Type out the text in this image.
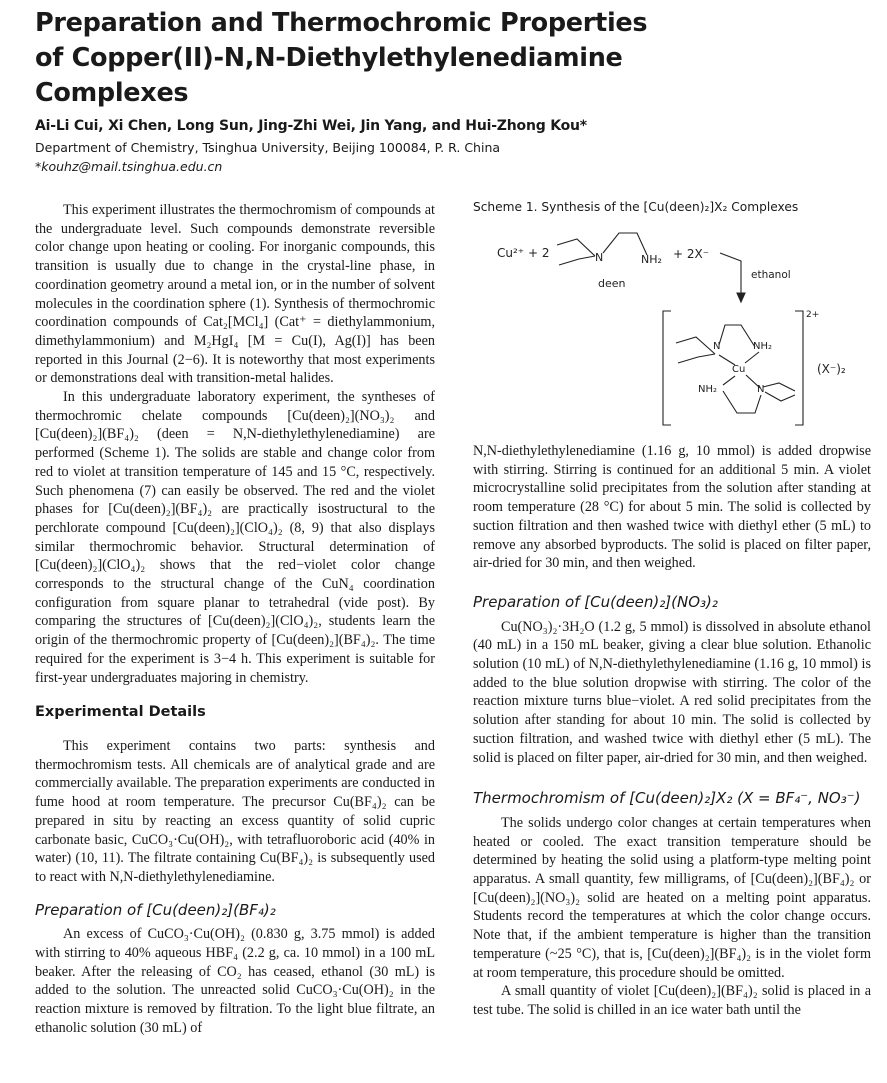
Preparation and Thermochromic Properties of Copper(II)-N,N-Diethylethylenediamine Complexes

Ai-Li Cui, Xi Chen, Long Sun, Jing-Zhi Wei, Jin Yang, and Hui-Zhong Kou*

Department of Chemistry, Tsinghua University, Beijing 100084, P. R. China

*kouhz@mail.tsinghua.edu.cn

This experiment illustrates the thermochromism of compounds at the undergraduate level. Such compounds demonstrate reversible color change upon heating or cooling. For inorganic compounds, this transition is usually due to change in the crystal-line phase, in coordination geometry around a metal ion, or in the number of solvent molecules in the coordination sphere (1). Synthesis of thermochromic coordination compounds of Cat₂[MCl₄] (Cat⁺ = diethylammonium, dimethylammonium) and M₂HgI₄ [M = Cu(I), Ag(I)] has been reported in this Journal (2−6). It is noteworthy that most experiments or demonstrations deal with transition-metal halides.

In this undergraduate laboratory experiment, the syntheses of thermochromic chelate compounds [Cu(deen)₂](NO₃)₂ and [Cu(deen)₂](BF₄)₂ (deen = N,N-diethylethylenediamine) are performed (Scheme 1). The solids are stable and change color from red to violet at transition temperature of 145 and 15 °C, respectively. Such phenomena (7) can easily be observed. The red and the violet phases for [Cu(deen)₂](BF₄)₂ are practically isostructural to the perchlorate compound [Cu(deen)₂](ClO₄)₂ (8, 9) that also displays similar thermochromic behavior. Structural determination of [Cu(deen)₂](ClO₄)₂ shows that the red−violet color change corresponds to the structural change of the CuN₄ coordination configuration from square planar to tetrahedral (vide post). By comparing the structures of [Cu(deen)₂](ClO₄)₂, students learn the origin of the thermochromic property of [Cu(deen)₂](BF₄)₂. The time required for the experiment is 3−4 h. This experiment is suitable for first-year undergraduates majoring in chemistry.

Experimental Details

This experiment contains two parts: synthesis and thermochromism tests. All chemicals are of analytical grade and are commercially available. The preparation experiments are conducted in fume hood at room temperature. The precursor Cu(BF₄)₂ can be prepared in situ by reacting an excess quantity of solid cupric carbonate basic, CuCO₃·Cu(OH)₂, with tetrafluoroboric acid (40% in water) (10, 11). The filtrate containing Cu(BF₄)₂ is subsequently used to react with N,N-diethylethylenediamine.

Preparation of [Cu(deen)₂](BF₄)₂

An excess of CuCO₃·Cu(OH)₂ (0.830 g, 3.75 mmol) is added with stirring to 40% aqueous HBF₄ (2.2 g, ca. 10 mmol) in a 100 mL beaker. After the releasing of CO₂ has ceased, ethanol (30 mL) is added to the solution. The unreacted solid CuCO₃·Cu(OH)₂ in the reaction mixture is removed by filtration. To the light blue filtrate, an ethanolic solution (30 mL) of

Scheme 1. Synthesis of the [Cu(deen)₂]X₂ Complexes

Cu²⁺ + 2	N	NH₂ + 2X⁻
deen
ethanol
2+
N	NH₂
Cu
NH₂	N
(X⁻)₂

N,N-diethylethylenediamine (1.16 g, 10 mmol) is added dropwise with stirring. Stirring is continued for an additional 5 min. A violet microcrystalline solid precipitates from the solution after standing at room temperature (28 °C) for about 5 min. The solid is collected by suction filtration and then washed twice with diethyl ether (5 mL) to remove any absorbed byproducts. The solid is placed on filter paper, air-dried for 30 min, and then weighed.

Preparation of [Cu(deen)₂](NO₃)₂

Cu(NO₃)₂·3H₂O (1.2 g, 5 mmol) is dissolved in absolute ethanol (40 mL) in a 150 mL beaker, giving a clear blue solution. Ethanolic solution (10 mL) of N,N-diethylethylenediamine (1.16 g, 10 mmol) is added to the blue solution dropwise with stirring. The color of the reaction mixture turns blue−violet. A red solid precipitates from the solution after standing for about 10 min. The solid is collected by suction filtration, and washed twice with diethyl ether (5 mL). The solid is placed on filter paper, air-dried for 30 min, and then weighed.

Thermochromism of [Cu(deen)₂]X₂ (X = BF₄⁻, NO₃⁻)

The solids undergo color changes at certain temperatures when heated or cooled. The exact transition temperature should be determined by heating the solid using a platform-type melting point apparatus. A small quantity, few milligrams, of [Cu(deen)₂](BF₄)₂ or [Cu(deen)₂](NO₃)₂ solid are heated on a melting point apparatus. Students record the temperatures at which the color change occurs. Note that, if the ambient temperature is higher than the transition temperature (~25 °C), that is, [Cu(deen)₂](BF₄)₂ is in the violet form at room temperature, this procedure should be omitted.

A small quantity of violet [Cu(deen)₂](BF₄)₂ solid is placed in a test tube. The solid is chilled in an ice water bath until the
